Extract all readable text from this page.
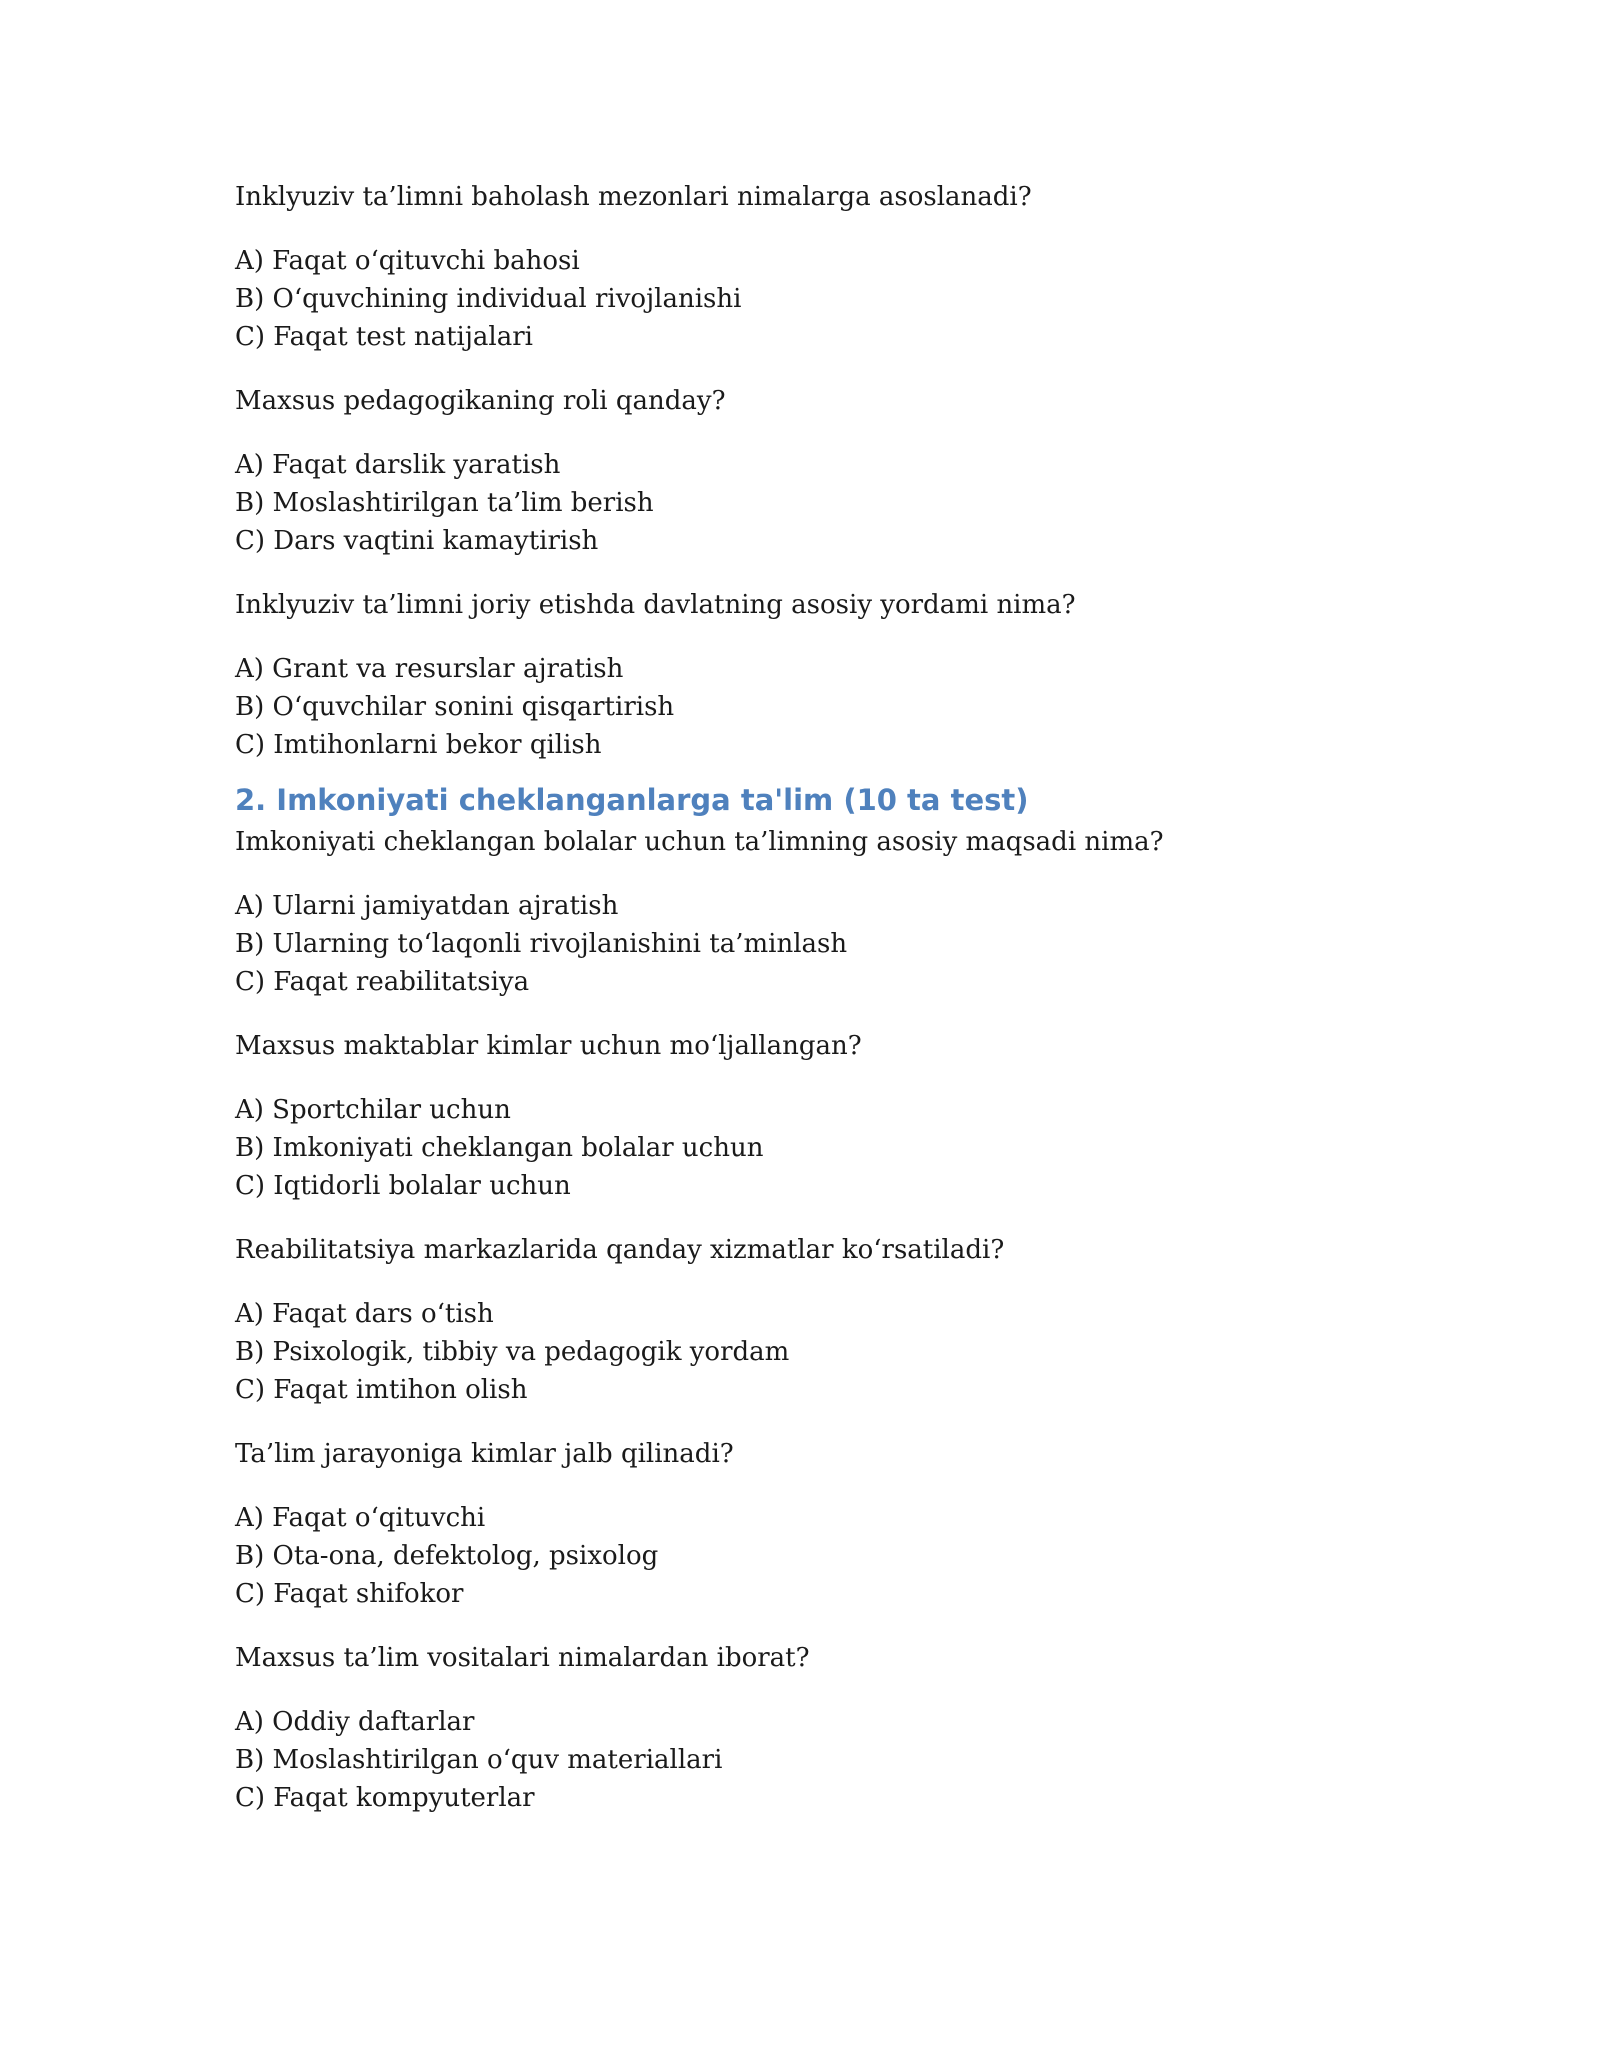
Inklyuziv ta’limni baholash mezonlari nimalarga asoslanadi?
A) Faqat o‘qituvchi bahosi
B) O‘quvchining individual rivojlanishi
C) Faqat test natijalari
Maxsus pedagogikaning roli qanday?
A) Faqat darslik yaratish
B) Moslashtirilgan ta’lim berish
C) Dars vaqtini kamaytirish
Inklyuziv ta’limni joriy etishda davlatning asosiy yordami nima?
A) Grant va resurslar ajratish
B) O‘quvchilar sonini qisqartirish
C) Imtihonlarni bekor qilish
2. Imkoniyati cheklanganlarga ta'lim (10 ta test)
Imkoniyati cheklangan bolalar uchun ta’limning asosiy maqsadi nima?
A) Ularni jamiyatdan ajratish
B) Ularning to‘laqonli rivojlanishini ta’minlash
C) Faqat reabilitatsiya
Maxsus maktablar kimlar uchun mo‘ljallangan?
A) Sportchilar uchun
B) Imkoniyati cheklangan bolalar uchun
C) Iqtidorli bolalar uchun
Reabilitatsiya markazlarida qanday xizmatlar ko‘rsatiladi?
A) Faqat dars o‘tish
B) Psixologik, tibbiy va pedagogik yordam
C) Faqat imtihon olish
Ta’lim jarayoniga kimlar jalb qilinadi?
A) Faqat o‘qituvchi
B) Ota-ona, defektolog, psixolog
C) Faqat shifokor
Maxsus ta’lim vositalari nimalardan iborat?
A) Oddiy daftarlar
B) Moslashtirilgan o‘quv materiallari
C) Faqat kompyuterlar
